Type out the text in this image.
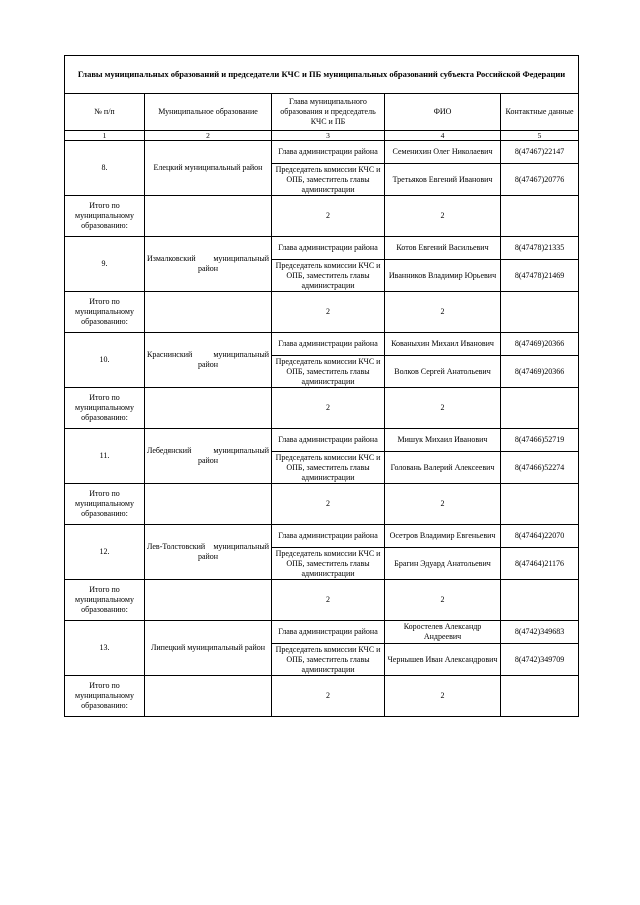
Главы муниципальных образований и председатели КЧС и ПБ муниципальных образований субъекта Российской Федерации				
№ п/п	Муниципальное образование	Глава муниципального образования и председатель КЧС и ПБ	ФИО	Контактные данные
1	2	3	4	5
8.	Елецкий муниципальный район	Глава администрации района	Семенихин Олег Николаевич	8(47467)22147
		Председатель комиссии КЧС и ОПБ, заместитель главы администрации	Третьяков Евгений Иванович	8(47467)20776
Итого по муниципальному образованию:		2	2	
9.	Измалковский муниципальный район	Глава администрации района	Котов Евгений Васильевич	8(47478)21335
		Председатель комиссии КЧС и ОПБ, заместитель главы администрации	Иванников Владимир Юрьевич	8(47478)21469
Итого по муниципальному образованию:		2	2	
10.	Краснинский муниципальный район	Глава администрации района	Кованыхин Михаил Иванович	8(47469)20366
		Председатель комиссии КЧС и ОПБ, заместитель главы администрации	Волков Сергей Анатольевич	8(47469)20366
Итого по муниципальному образованию:		2	2	
11.	Лебедянский муниципальный район	Глава администрации района	Мишук Михаил Иванович	8(47466)52719
		Председатель комиссии КЧС и ОПБ, заместитель главы администрации	Головань Валерий Алексеевич	8(47466)52274
Итого по муниципальному образованию:		2	2	
12.	Лев-Толстовский муниципальный район	Глава администрации района	Осетров Владимир Евгеньевич	8(47464)22070
		Председатель комиссии КЧС и ОПБ, заместитель главы администрации	Брагин Эдуард Анатольевич	8(47464)21176
Итого по муниципальному образованию:		2	2	
13.	Липецкий муниципальный район	Глава администрации района	Коростелев Александр Андреевич	8(4742)349683
		Председатель комиссии КЧС и ОПБ, заместитель главы администрации	Чернышев Иван Александрович	8(4742)349709
Итого по муниципальному образованию:		2	2	
